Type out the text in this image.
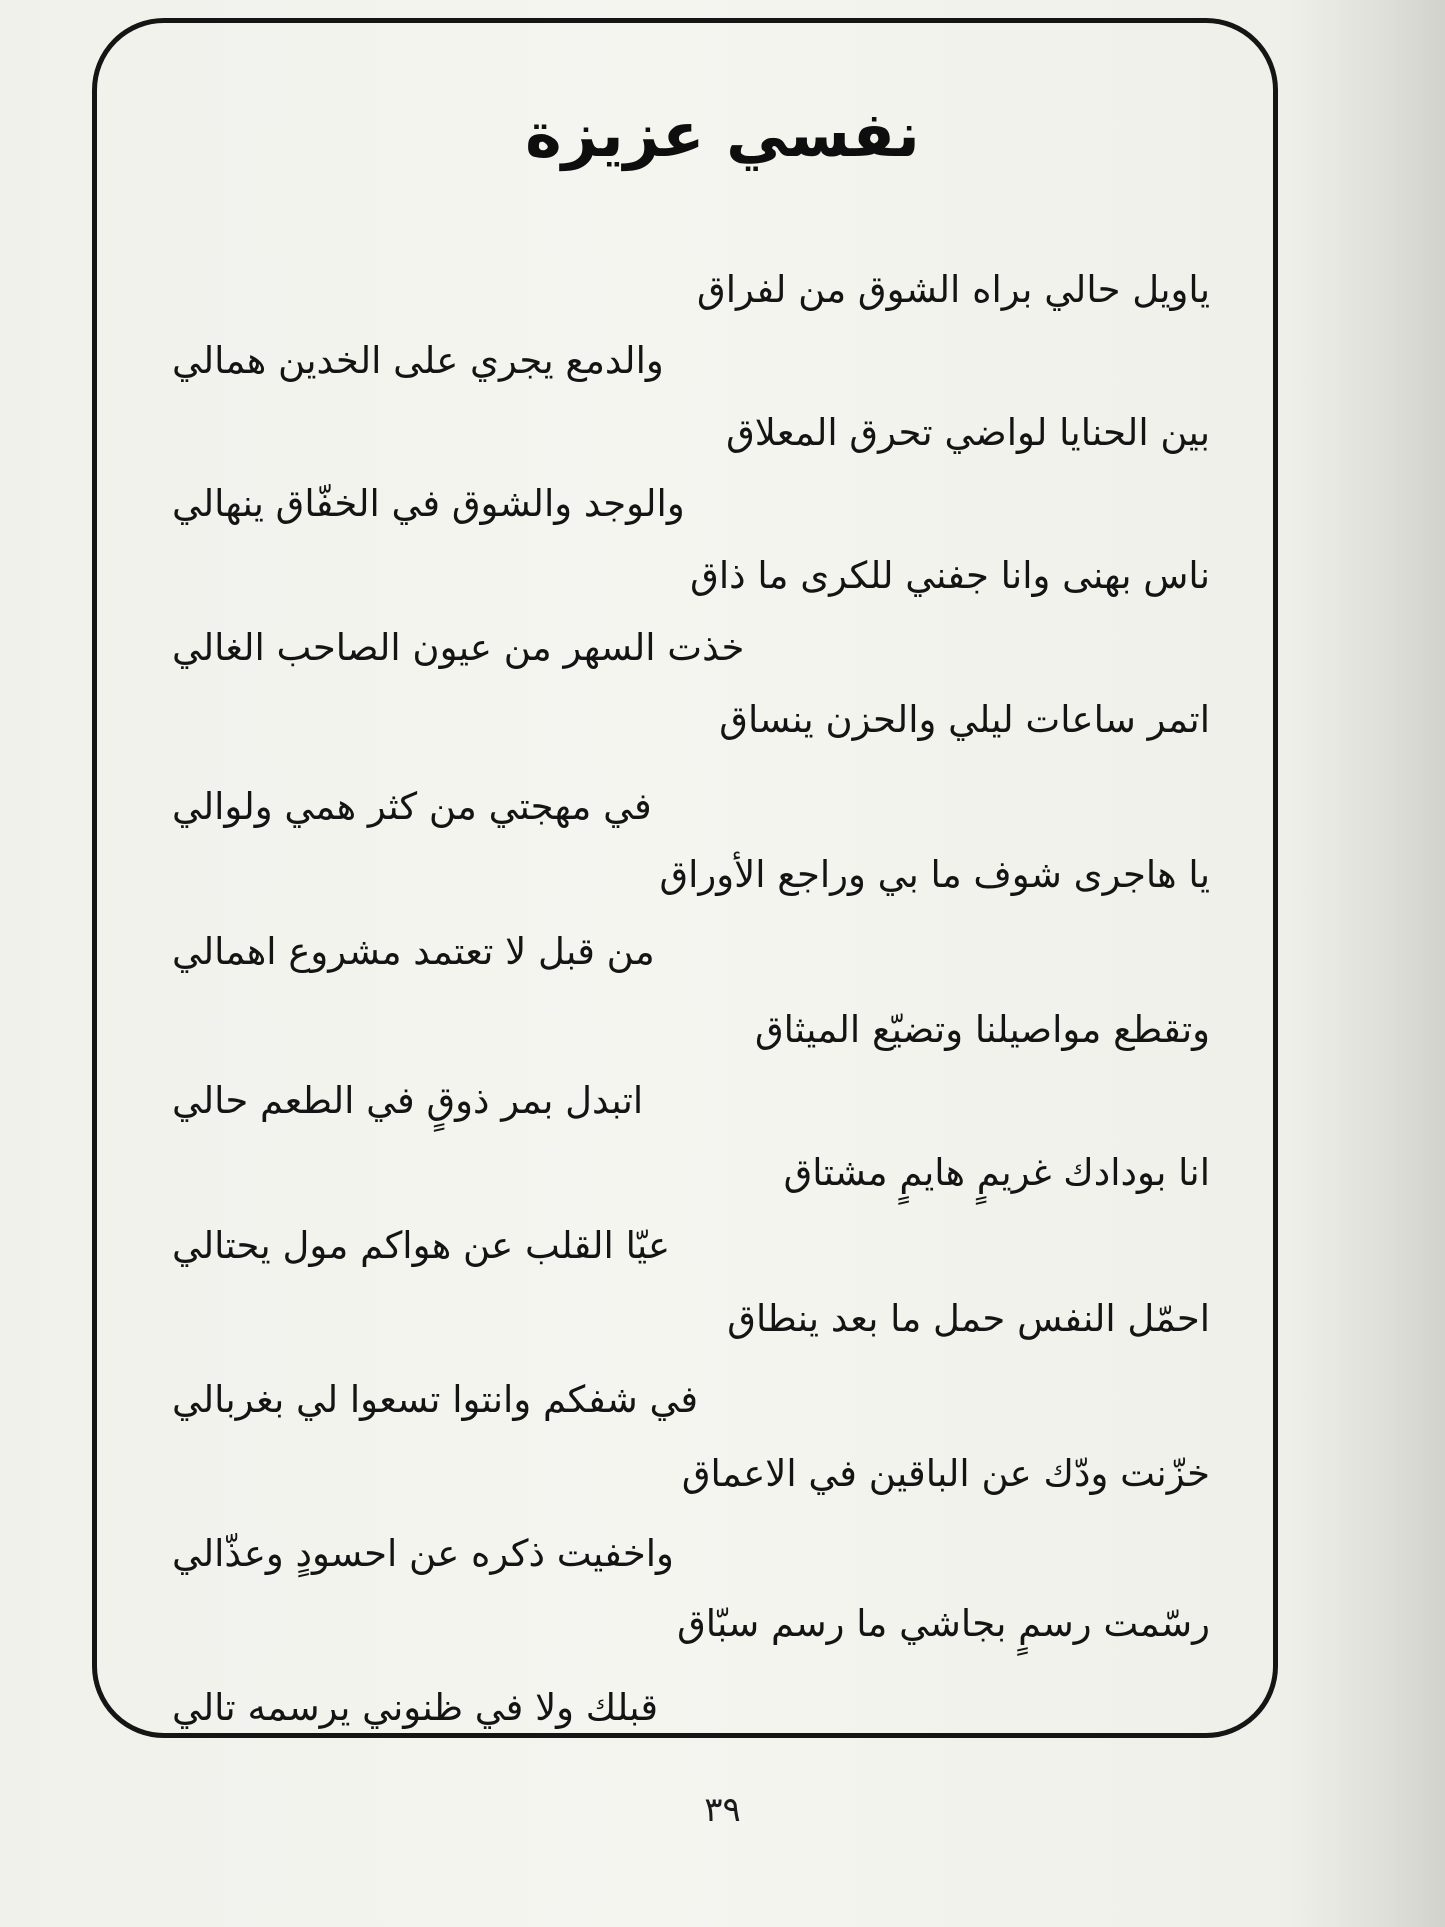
نفسي عزيزة
ياويل حالي براه الشوق من لفراق
والدمع يجري على الخدين همالي
بين الحنايا لواضي تحرق المعلاق
والوجد والشوق في الخفّاق ينهالي
ناس بهنى وانا جفني للكرى ما ذاق
خذت السهر من عيون الصاحب الغالي
اتمر ساعات ليلي والحزن ينساق
في مهجتي من كثر همي ولوالي
يا هاجرى شوف ما بي وراجع الأوراق
من قبل لا تعتمد مشروع اهمالي
وتقطع مواصيلنا وتضيّع الميثاق
اتبدل بمر ذوقٍ في الطعم حالي
انا بودادك غريمٍ هايمٍ مشتاق
عيّا القلب عن هواكم مول يحتالي
احمّل النفس حمل ما بعد ينطاق
في شفكم وانتوا تسعوا لي بغربالي
خزّنت ودّك عن الباقين في الاعماق
واخفيت ذكره عن احسودٍ وعذّالي
رسّمت رسمٍ بجاشي ما رسم سبّاق
قبلك ولا في ظنوني يرسمه تالي
٣٩
